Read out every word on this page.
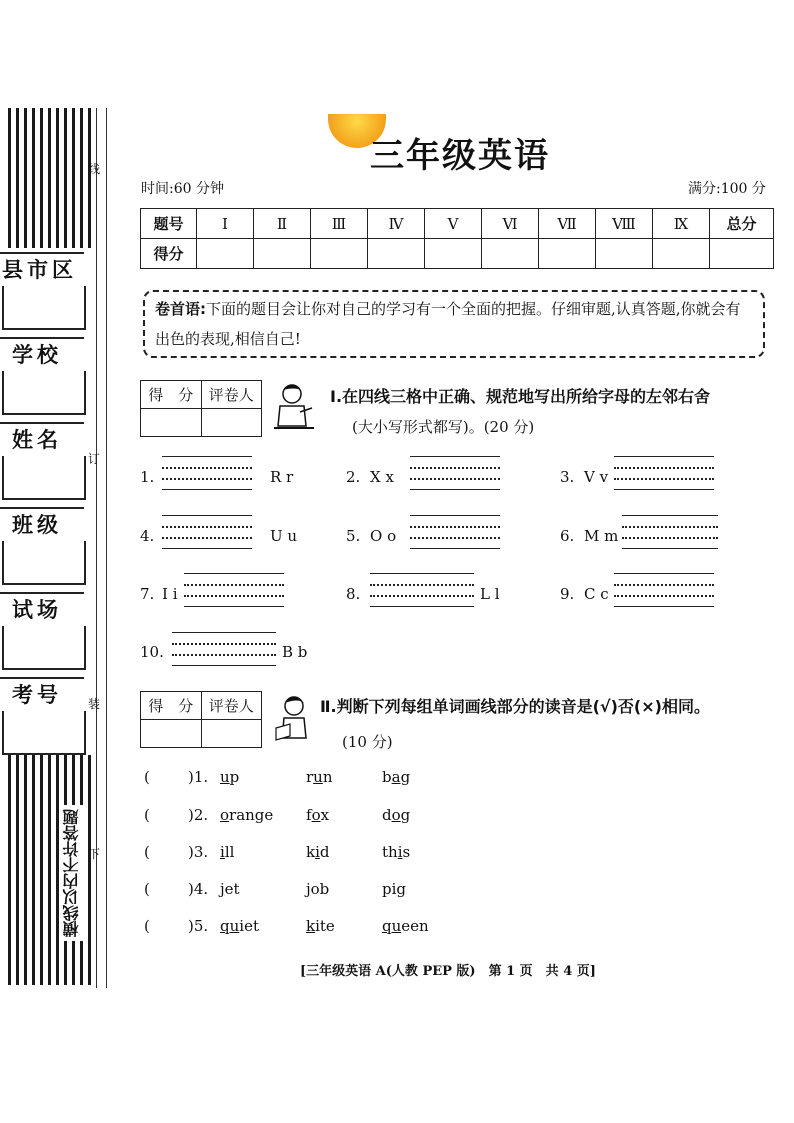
县市区
学校
姓名
班级
试场
考号
线
订
装
下
横线以内不许答题
三年级英语
时间:60 分钟	满分:100 分
题号	Ⅰ	Ⅱ	Ⅲ	Ⅳ	Ⅴ	Ⅵ	Ⅶ	Ⅷ	Ⅸ	总分
得分										
卷首语:下面的题目会让你对自己的学习有一个全面的把握。仔细审题,认真答题,你就会有出色的表现,相信自己!
得　分	评卷人
		Ⅰ.在四线三格中正确、规范地写出所给字母的左邻右舍
(大小写形式都写)。(20 分)
1.	R r	2. X x	3. V v
4.	U u	5. O o	6. M m
7. I i	8.	L l	9. C c
10.	B b
得　分	评卷人
		Ⅱ.判断下列每组单词画线部分的读音是(√)否(×)相同。
(10 分)
(	)1. up	run	bag
(	)2. orange fox	dog
(	)3. ill	kid	this
(	)4. jet	job	pig
(	)5. quiet	kite	queen
[三年级英语 A(人教 PEP 版)　第 1 页　共 4 页]
